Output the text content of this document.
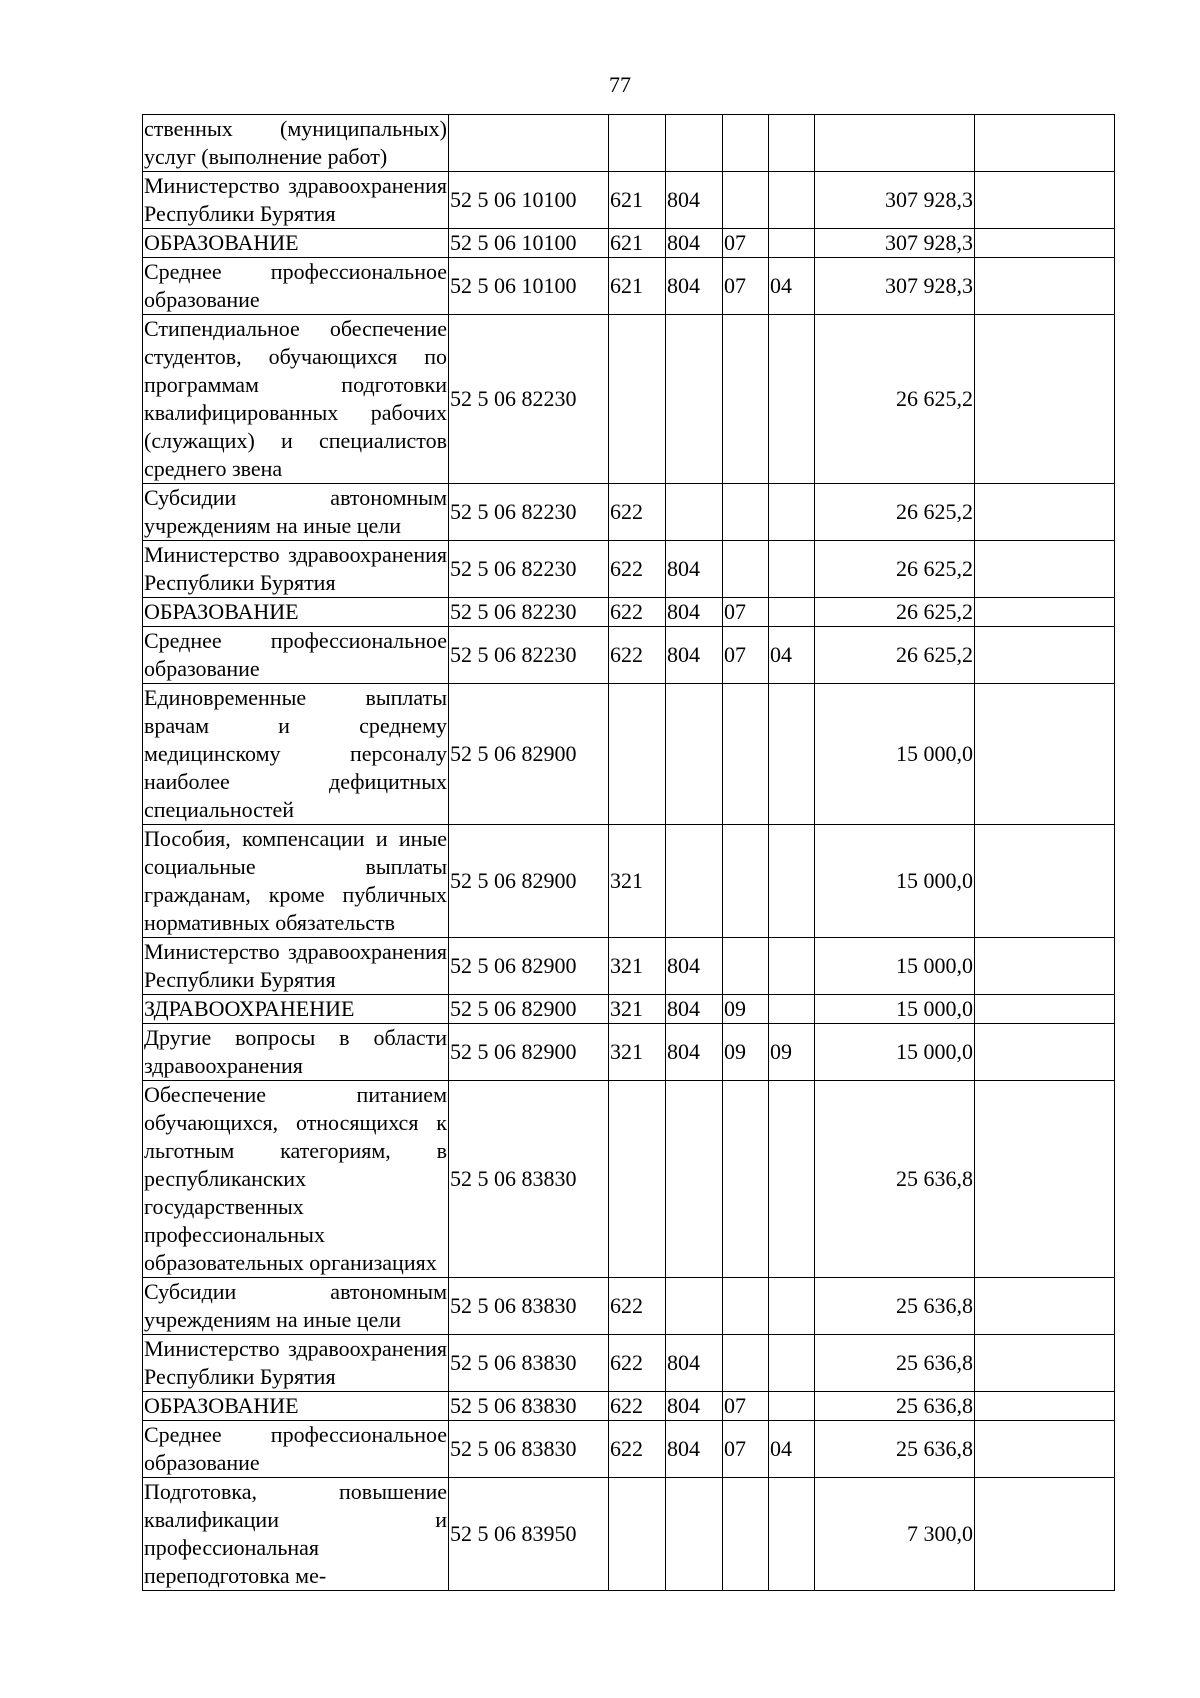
77
ственных (муниципальных) услуг (выполнение работ)							
Министерство здравоохранения Республики Бурятия	52 5 06 10100	621	804			307 928,3	
ОБРАЗОВАНИЕ	52 5 06 10100	621	804	07		307 928,3	
Среднее профессиональное образование	52 5 06 10100	621	804	07	04	307 928,3	
Стипендиальное обеспечение студентов, обучающихся по программам подготовки квалифицированных рабочих (служащих) и специалистов среднего звена	52 5 06 82230					26 625,2	
Субсидии автономным учреждениям на иные цели	52 5 06 82230	622				26 625,2	
Министерство здравоохранения Республики Бурятия	52 5 06 82230	622	804			26 625,2	
ОБРАЗОВАНИЕ	52 5 06 82230	622	804	07		26 625,2	
Среднее профессиональное образование	52 5 06 82230	622	804	07	04	26 625,2	
Единовременные выплаты врачам и среднему медицинскому персоналу наиболее дефицитных специальностей	52 5 06 82900					15 000,0	
Пособия, компенсации и иные социальные выплаты гражданам, кроме публичных нормативных обязательств	52 5 06 82900	321				15 000,0	
Министерство здравоохранения Республики Бурятия	52 5 06 82900	321	804			15 000,0	
ЗДРАВООХРАНЕНИЕ	52 5 06 82900	321	804	09		15 000,0	
Другие вопросы в области здравоохранения	52 5 06 82900	321	804	09	09	15 000,0	
Обеспечение питанием обучающихся, относящихся к льготным категориям, в республиканских государственных профессиональных образовательных организациях	52 5 06 83830					25 636,8	
Субсидии автономным учреждениям на иные цели	52 5 06 83830	622				25 636,8	
Министерство здравоохранения Республики Бурятия	52 5 06 83830	622	804			25 636,8	
ОБРАЗОВАНИЕ	52 5 06 83830	622	804	07		25 636,8	
Среднее профессиональное образование	52 5 06 83830	622	804	07	04	25 636,8	
Подготовка, повышение квалификации и профессиональная переподготовка ме-	52 5 06 83950					7 300,0	
